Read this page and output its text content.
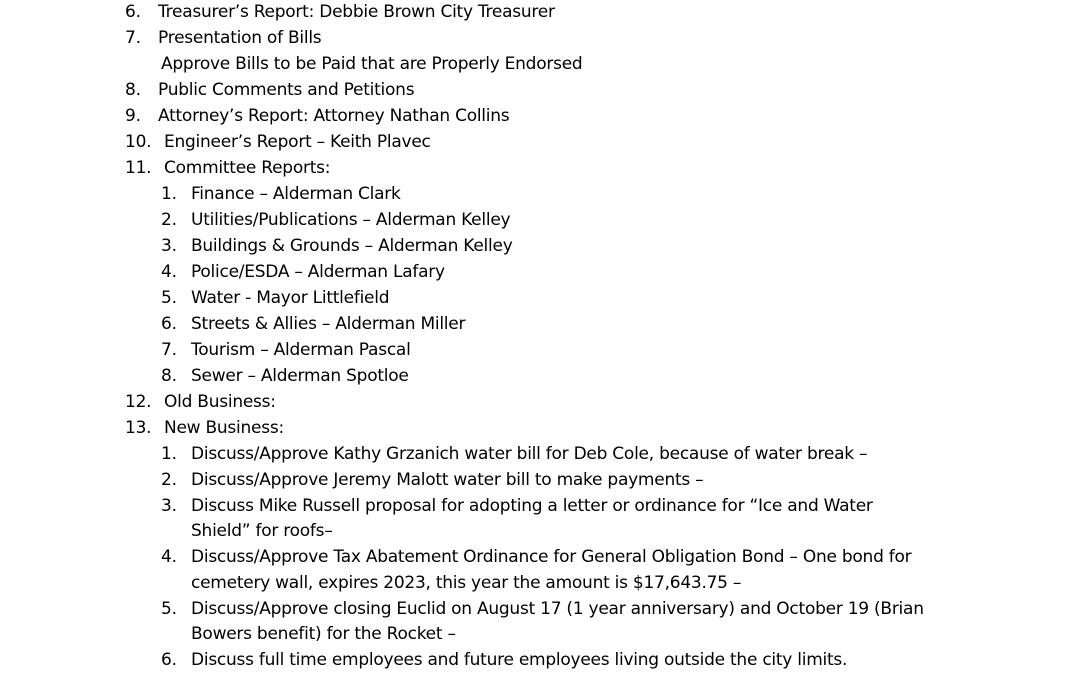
6. Treasurer’s Report: Debbie Brown City Treasurer
7. Presentation of Bills
Approve Bills to be Paid that are Properly Endorsed
8. Public Comments and Petitions
9. Attorney’s Report: Attorney Nathan Collins
10. Engineer’s Report – Keith Plavec
11. Committee Reports:
1. Finance – Alderman Clark
2. Utilities/Publications – Alderman Kelley
3. Buildings & Grounds – Alderman Kelley
4. Police/ESDA – Alderman Lafary
5. Water - Mayor Littlefield
6. Streets & Allies – Alderman Miller
7. Tourism – Alderman Pascal
8. Sewer – Alderman Spotloe
12. Old Business:
13. New Business:
1. Discuss/Approve Kathy Grzanich water bill for Deb Cole, because of water break –
2. Discuss/Approve Jeremy Malott water bill to make payments –
3. Discuss Mike Russell proposal for adopting a letter or ordinance for “Ice and Water
Shield” for roofs–
4. Discuss/Approve Tax Abatement Ordinance for General Obligation Bond – One bond for
cemetery wall, expires 2023, this year the amount is $17,643.75 –
5. Discuss/Approve closing Euclid on August 17 (1 year anniversary) and October 19 (Brian
Bowers benefit) for the Rocket –
6. Discuss full time employees and future employees living outside the city limits.
